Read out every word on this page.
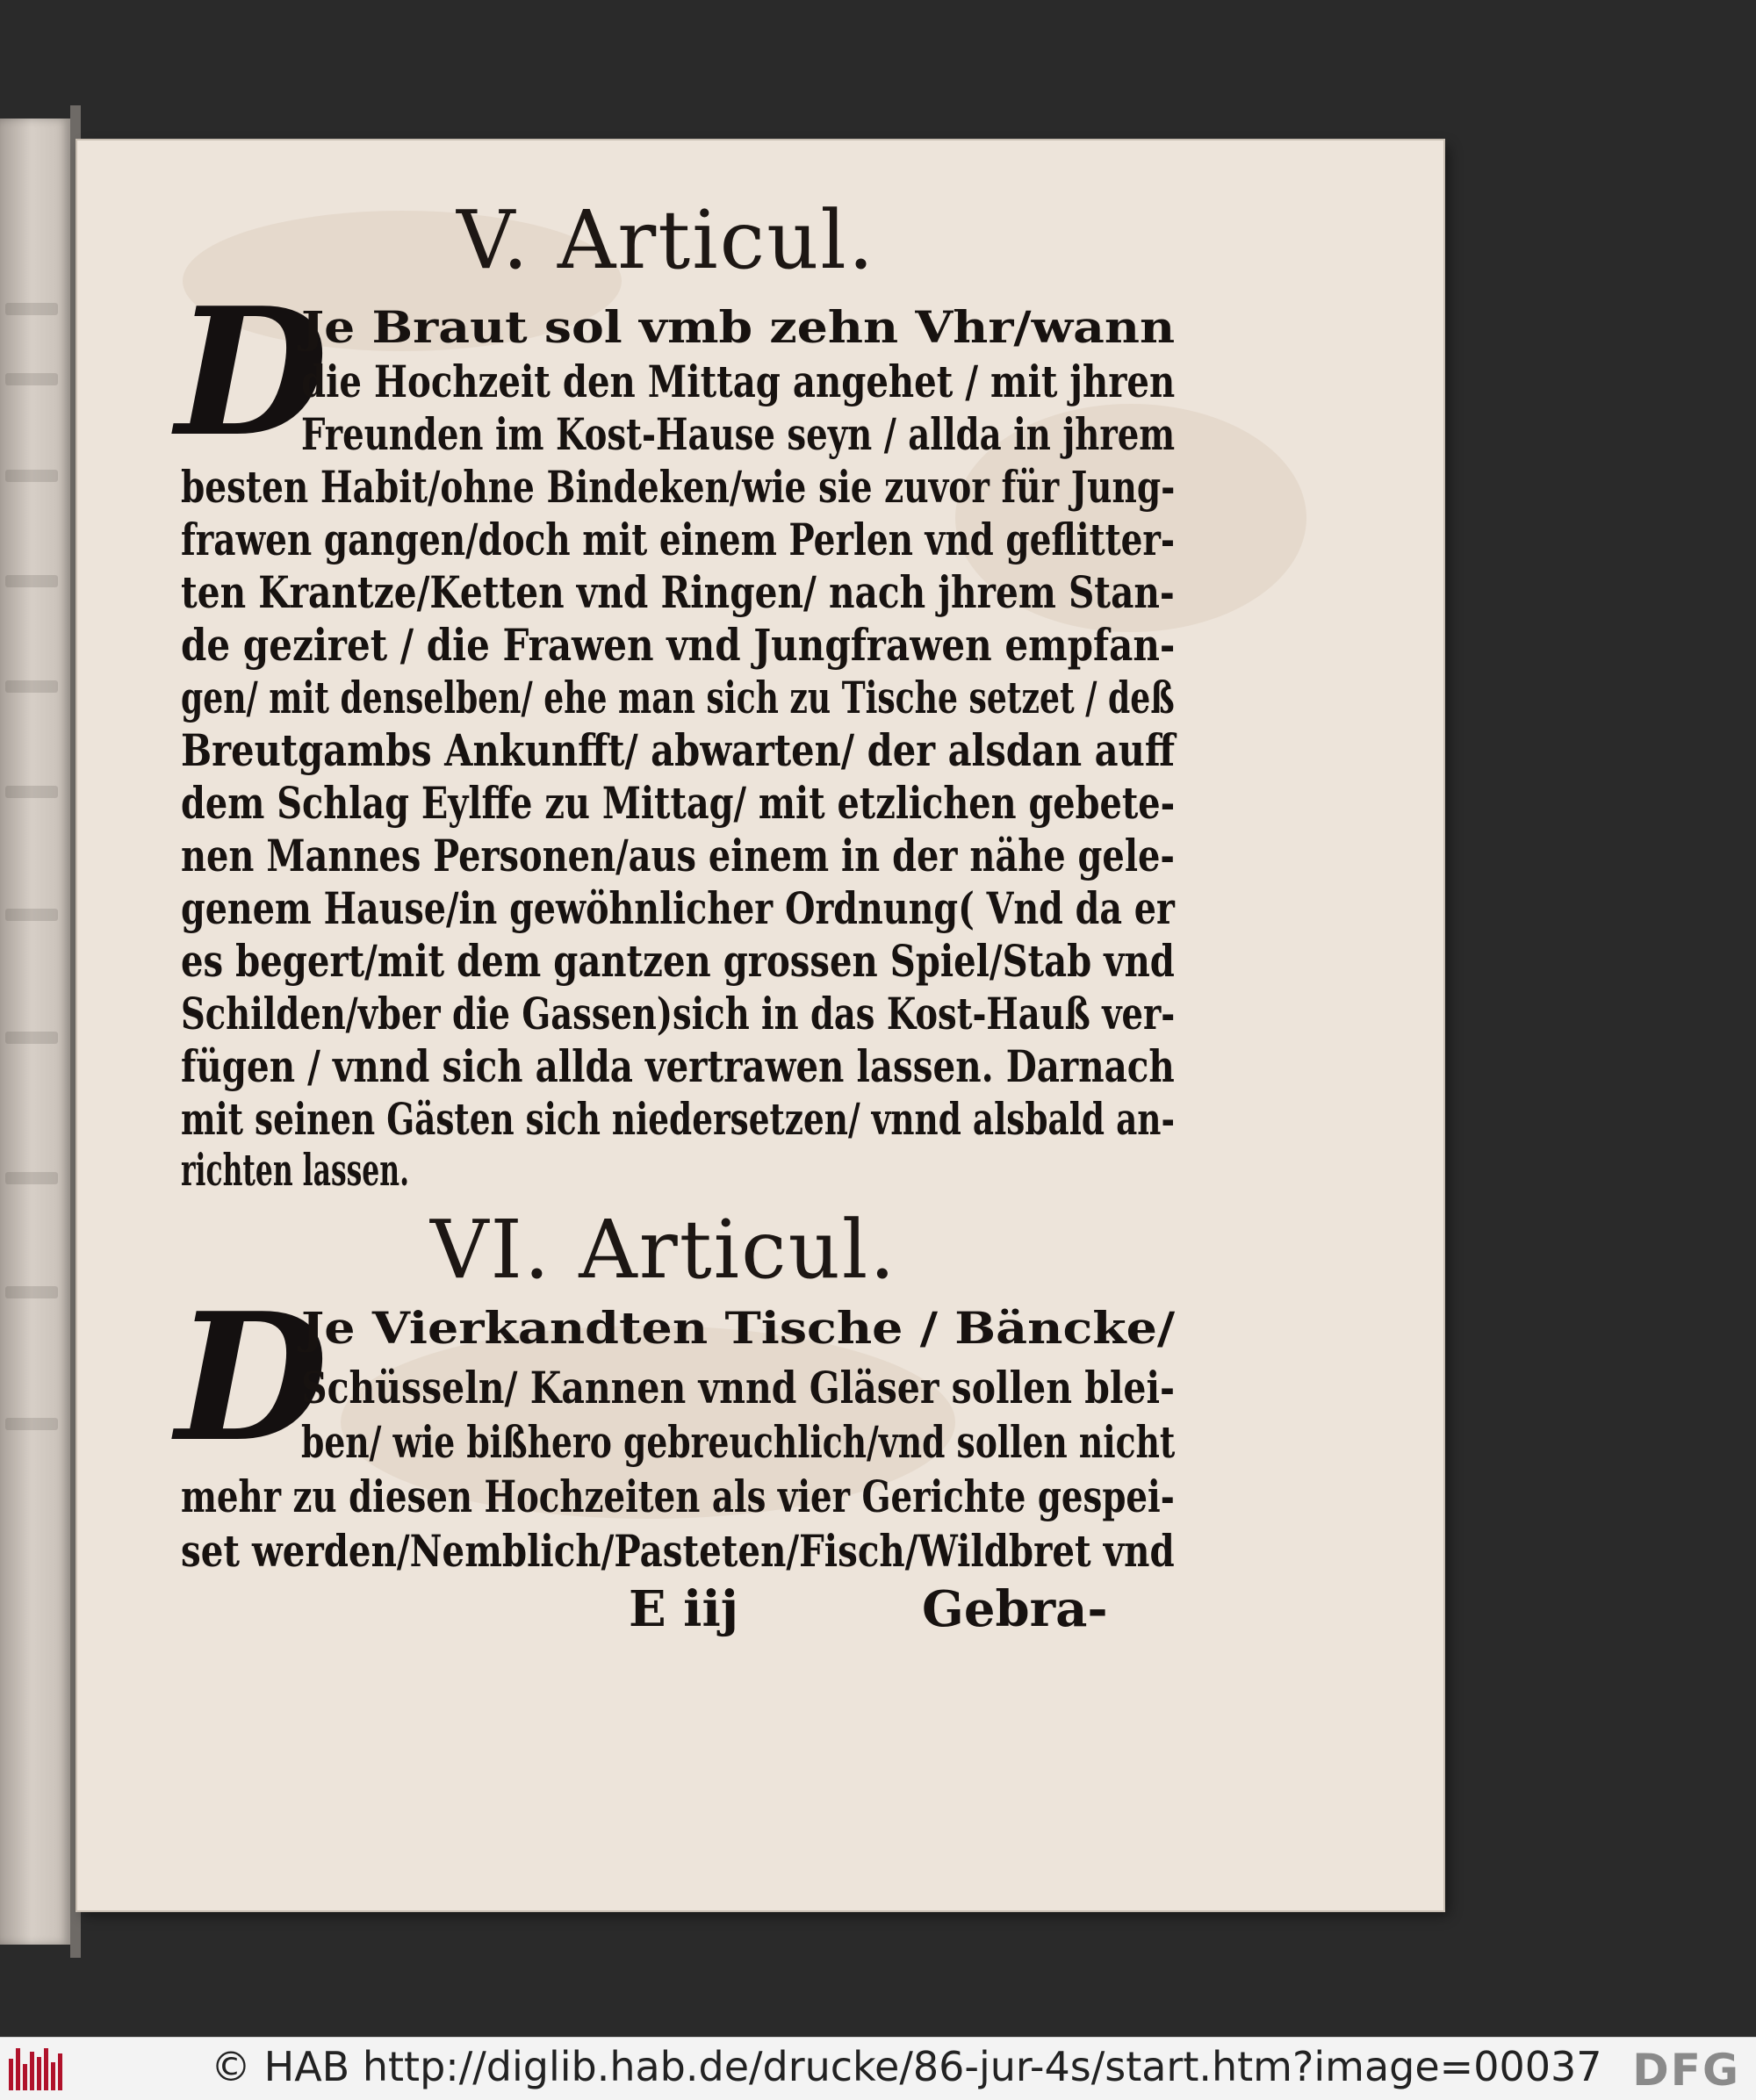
V. Articul.
D
Je Braut sol vmb zehn Vhr/wann
die Hochzeit den Mittag angehet / mit jhren
Freunden im Kost-Hause seyn / allda in jhrem
besten Habit/ohne Bindeken/wie sie zuvor für Jung-
frawen gangen/doch mit einem Perlen vnd geflitter-
ten Krantze/Ketten vnd Ringen/ nach jhrem Stan-
de geziret / die Frawen vnd Jungfrawen empfan-
gen/ mit denselben/ ehe man sich zu Tische setzet / deß
Breutgambs Ankunfft/ abwarten/ der alsdan auff
dem Schlag Eylffe zu Mittag/ mit etzlichen gebete-
nen Mannes Personen/aus einem in der nähe gele-
genem Hause/in gewöhnlicher Ordnung( Vnd da er
es begert/mit dem gantzen grossen Spiel/Stab vnd
Schilden/vber die Gassen)sich in das Kost-Hauß ver-
fügen / vnnd sich allda vertrawen lassen. Darnach
mit seinen Gästen sich niedersetzen/ vnnd alsbald an-
richten lassen.
VI. Articul.
D
Je Vierkandten Tische / Bäncke/
Schüsseln/ Kannen vnnd Gläser sollen blei-
ben/ wie bißhero gebreuchlich/vnd sollen nicht
mehr zu diesen Hochzeiten als vier Gerichte gespei-
set werden/Nemblich/Pasteten/Fisch/Wildbret vnd
E iij	Gebra-
© HAB http://diglib.hab.de/drucke/86-jur-4s/start.htm?image=00037 DFG
